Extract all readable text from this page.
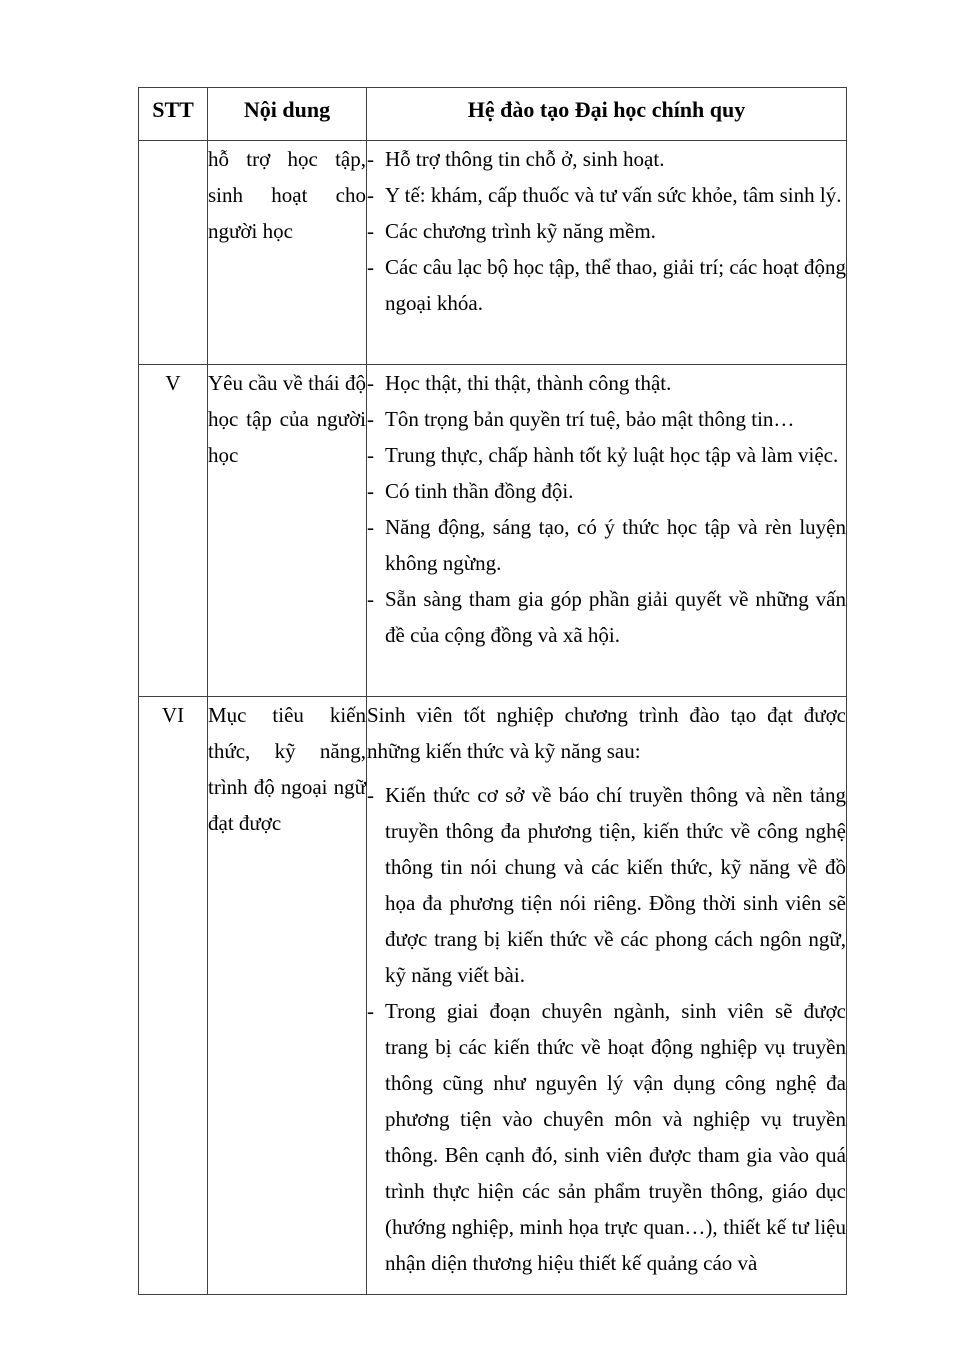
STT	Nội dung	Hệ đào tạo Đại học chính quy
	hỗ trợ học tập, sinh hoạt cho người học	
- Hỗ trợ thông tin chỗ ở, sinh hoạt.
- Y tế: khám, cấp thuốc và tư vấn sức khỏe, tâm sinh lý.
- Các chương trình kỹ năng mềm.
- Các câu lạc bộ học tập, thể thao, giải trí; các hoạt động ngoại khóa.

V	Yêu cầu về thái độ học tập của người học	
- Học thật, thi thật, thành công thật.
- Tôn trọng bản quyền trí tuệ, bảo mật thông tin…
- Trung thực, chấp hành tốt kỷ luật học tập và làm việc.
- Có tinh thần đồng đội.
- Năng động, sáng tạo, có ý thức học tập và rèn luyện không ngừng.
- Sẵn sàng tham gia góp phần giải quyết về những vấn đề của cộng đồng và xã hội.

VI	Mục tiêu kiến thức, kỹ năng, trình độ ngoại ngữ đạt được	Sinh viên tốt nghiệp chương trình đào tạo đạt được những kiến thức và kỹ năng sau:

- Kiến thức cơ sở về báo chí truyền thông và nền tảng truyền thông đa phương tiện, kiến thức về công nghệ thông tin nói chung và các kiến thức, kỹ năng về đồ họa đa phương tiện nói riêng. Đồng thời sinh viên sẽ được trang bị kiến thức về các phong cách ngôn ngữ, kỹ năng viết bài.
- Trong giai đoạn chuyên ngành, sinh viên sẽ được trang bị các kiến thức về hoạt động nghiệp vụ truyền thông cũng như nguyên lý vận dụng công nghệ đa phương tiện vào chuyên môn và nghiệp vụ truyền thông. Bên cạnh đó, sinh viên được tham gia vào quá trình thực hiện các sản phẩm truyền thông, giáo dục (hướng nghiệp, minh họa trực quan…), thiết kế tư liệu nhận diện thương hiệu thiết kế quảng cáo và
